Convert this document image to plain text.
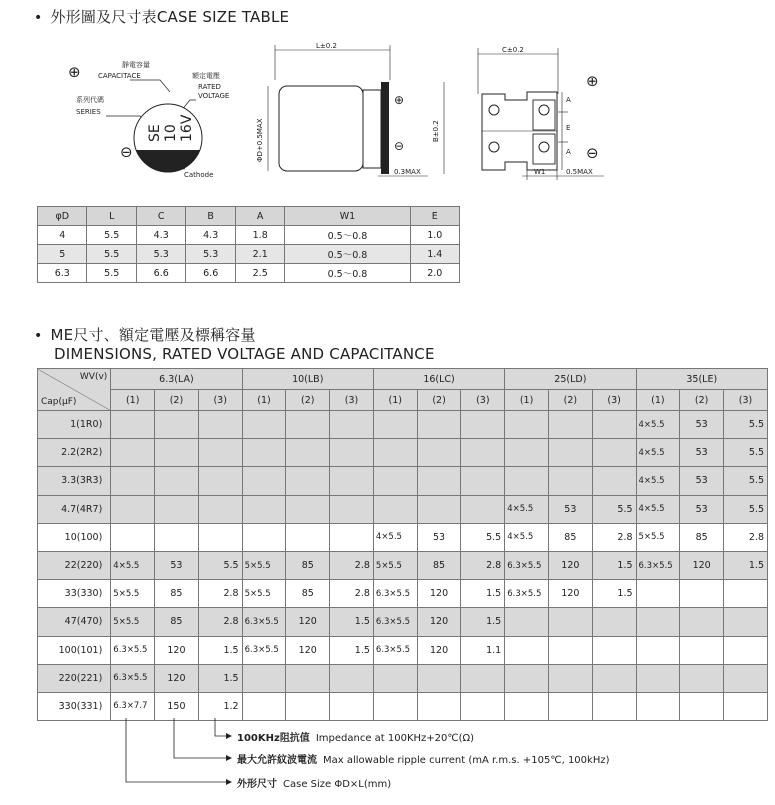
• 外形圖及尺寸表CASE SIZE TABLE
⊕	靜電容量
CAPACITACE	額定電壓
RATED
VOLTAGE
系列代碼
SERIES
SE 10 16V
⊖
Cathode
L±0.2
ΦD+0.5MAX
⊕
⊖
0.3MAX
B±0.2
C±0.2
A
E
A
⊕
⊖
W1	0.5MAX
φD	L	C	B	A	W1	E
4	5.5	4.3	4.3	1.8	0.5～0.8	1.0
5	5.5	5.3	5.3	2.1	0.5～0.8	1.4
6.3	5.5	6.6	6.6	2.5	0.5～0.8	2.0
• ME尺寸、額定電壓及標稱容量
DIMENSIONS, RATED VOLTAGE AND CAPACITANCE
WV(v)
Cap(μF)	6.3(LA)			10(LB)			16(LC)			25(LD)			35(LE)		
	(1)	(2)	(3)	(1)	(2)	(3)	(1)	(2)	(3)	(1)	(2)	(3)	(1)	(2)	(3)
1(1R0)													4×5.5	53	5.5
2.2(2R2)													4×5.5	53	5.5
3.3(3R3)													4×5.5	53	5.5
4.7(4R7)										4×5.5	53	5.5	4×5.5	53	5.5
10(100)							4×5.5	53	5.5	4×5.5	85	2.8	5×5.5	85	2.8
22(220)	4×5.5	53	5.5	5×5.5	85	2.8	5×5.5	85	2.8	6.3×5.5	120	1.5	6.3×5.5	120	1.5
33(330)	5×5.5	85	2.8	5×5.5	85	2.8	6.3×5.5	120	1.5	6.3×5.5	120	1.5			
47(470)	5×5.5	85	2.8	6.3×5.5	120	1.5	6.3×5.5	120	1.5						
100(101)	6.3×5.5	120	1.5	6.3×5.5	120	1.5	6.3×5.5	120	1.1						
220(221)	6.3×5.5	120	1.5												
330(331)	6.3×7.7	150	1.2												
100KHz阻抗值 Impedance at 100KHz+20℃(Ω)
最大允許紋波電流 Max allowable ripple current (mA r.m.s. +105℃, 100kHz)
外形尺寸 Case Size ΦD×L(mm)
